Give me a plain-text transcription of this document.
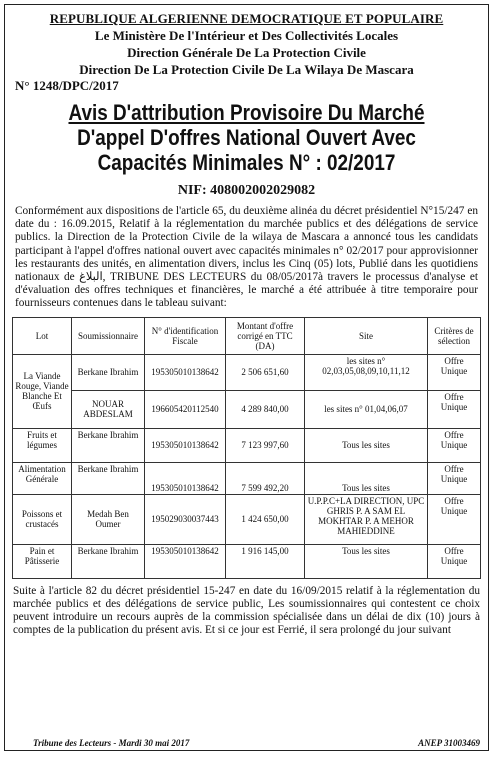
REPUBLIQUE ALGERIENNE DEMOCRATIQUE ET POPULAIRE
Le Ministère De l'Intérieur et Des Collectivités Locales
Direction Générale De La Protection Civile
Direction De La Protection Civile De La Wilaya De Mascara
N° 1248/DPC/2017
Avis D'attribution Provisoire Du Marché
D'appel D'offres National Ouvert Avec
Capacités Minimales N° : 02/2017
NIF: 408002002029082
Conformément aux dispositions de l'article 65, du deuxième alinéa du décret présidentiel N°15/247 en date du : 16.09.2015, Relatif à la réglementation du marchée publics et des délégations de service publics. la Direction de la Protection Civile de la wilaya de Mascara a annoncé tous les candidats participant à l'appel d'offres national ouvert avec capacités minimales n° 02/2017 pour approvisionner les restaurants des unités, en alimentation divers, inclus les Cinq (05) lots, Publié dans les quotidiens nationaux de البلاغ, TRIBUNE DES LECTEURS du 08/05/2017à travers le processus d'analyse et d'évaluation des offres techniques et financières, le marché a été attribuée à titre temporaire pour fournisseurs contenues dans le tableau suivant:
Lot	Soumissionnaire	N° d'identification Fiscale	Montant d'offre corrigé en TTC (DA)	Site	Critères de sélection
La Viande Rouge, Viande Blanche Et Œufs	Berkane Ibrahim	195305010138642	2 506 651,60	les sites n° 02,03,05,08,09,10,11,12	Offre Unique
	NOUAR ABDESLAM	196605420112540	4 289 840,00	les sites n° 01,04,06,07	Offre Unique
Fruits et légumes	Berkane Ibrahim	195305010138642	7 123 997,60	Tous les sites	Offre Unique
Alimentation Générale	Berkane Ibrahim	195305010138642	7 599 492,20	Tous les sites	Offre Unique
Poissons et crustacés	Medah Ben Oumer	195029030037443	1 424 650,00	U.P.P.C+LA DIRECTION, UPC GHRIS P. A SAM EL MOKHTAR P. A MEHOR MAHIEDDINE	Offre Unique
Pain et Pâtisserie	Berkane Ibrahim	195305010138642	1 916 145,00	Tous les sites	Offre Unique
Suite à l'article 82 du décret présidentiel 15-247 en date du 16/09/2015 relatif à la réglementation du marchée publics et des délégations de service public, Les soumissionnaires qui contestent ce choix peuvent introduire un recours auprès de la commission spécialisée dans un délai de dix (10) jours à comptes de la publication du présent avis. Et si ce jour est Ferrié, il sera prolongé du jour suivant
Tribune des Lecteurs - Mardi 30 mai 2017	ANEP 31003469
